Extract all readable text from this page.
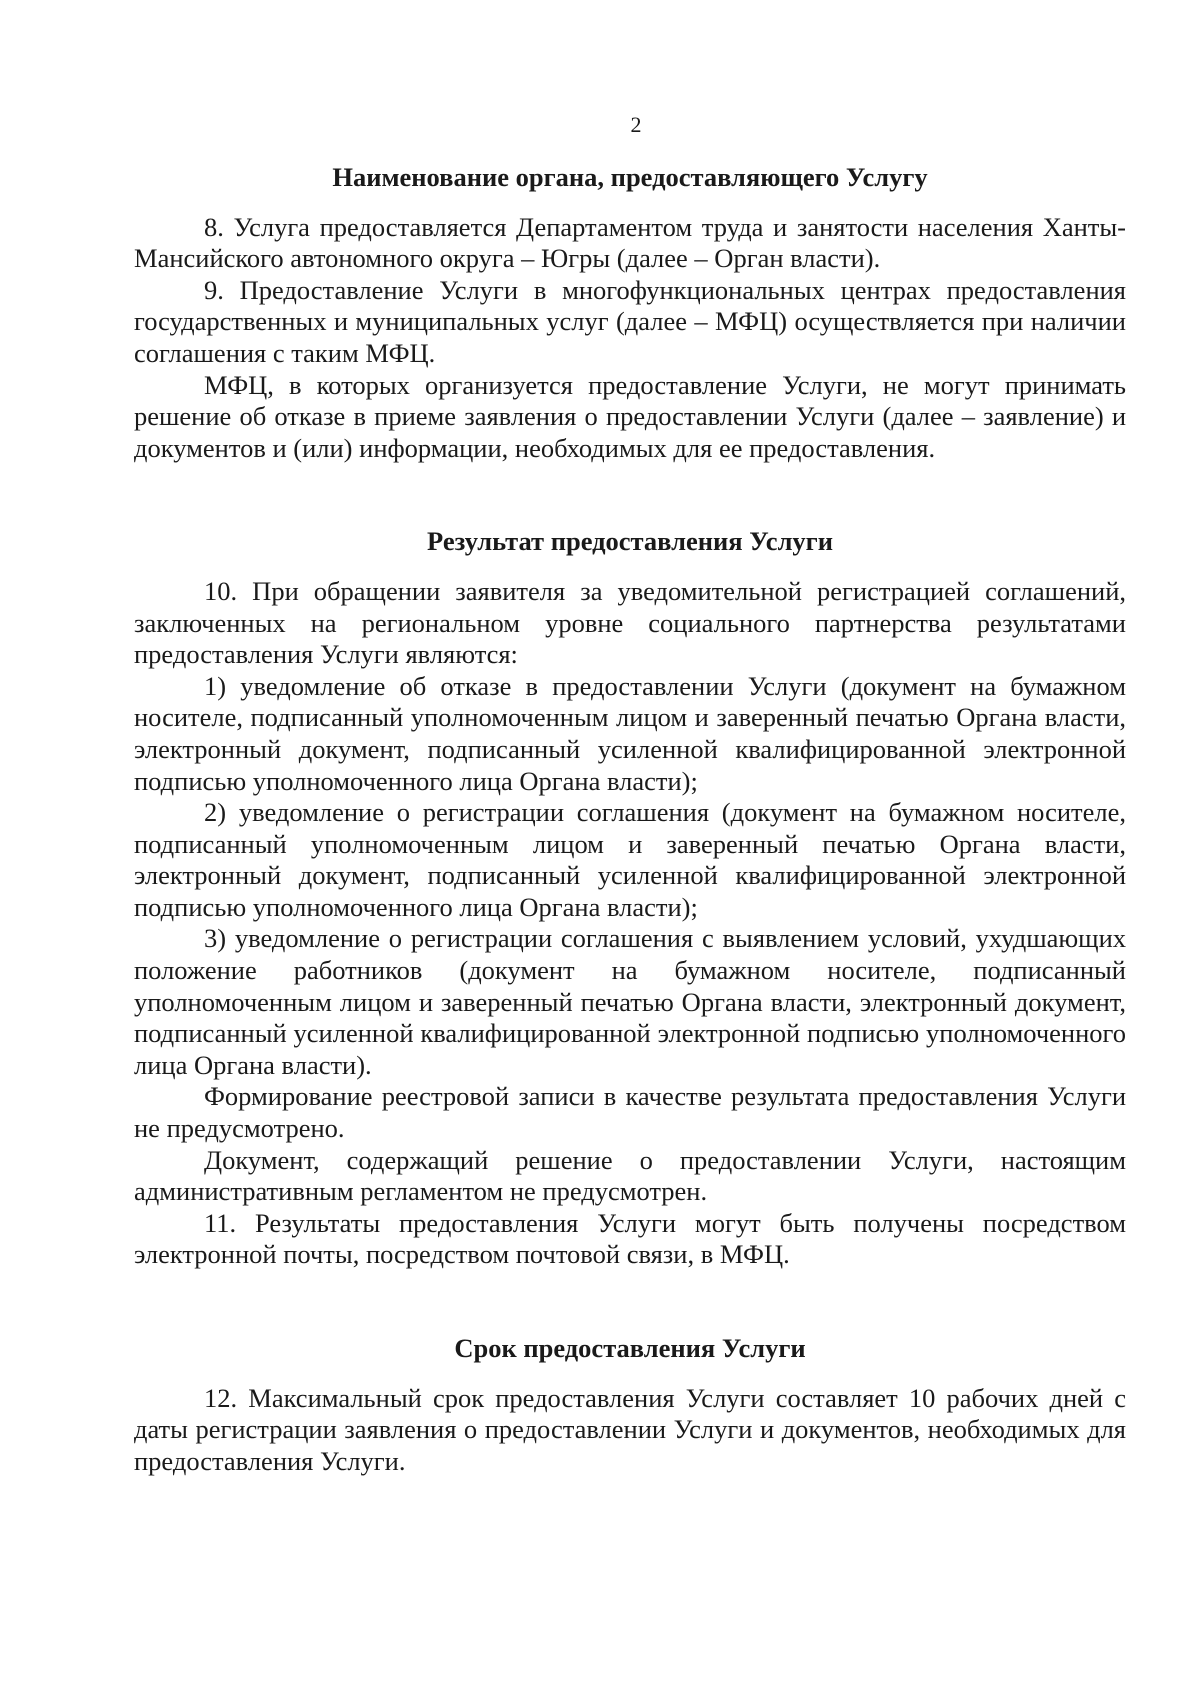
2
Наименование органа, предоставляющего Услугу

8. Услуга предоставляется Департаментом труда и занятости населения Ханты-Мансийского автономного округа – Югры (далее – Орган власти).

9. Предоставление Услуги в многофункциональных центрах предоставления государственных и муниципальных услуг (далее – МФЦ) осуществляется при наличии соглашения с таким МФЦ.

МФЦ, в которых организуется предоставление Услуги, не могут принимать решение об отказе в приеме заявления о предоставлении Услуги (далее – заявление) и документов и (или) информации, необходимых для ее предоставления.

Результат предоставления Услуги

10. При обращении заявителя за уведомительной регистрацией соглашений, заключенных на региональном уровне социального партнерства результатами предоставления Услуги являются:

1) уведомление об отказе в предоставлении Услуги (документ на бумажном носителе, подписанный уполномоченным лицом и заверенный печатью Органа власти, электронный документ, подписанный усиленной квалифицированной электронной подписью уполномоченного лица Органа власти);

2) уведомление о регистрации соглашения (документ на бумажном носителе, подписанный уполномоченным лицом и заверенный печатью Органа власти, электронный документ, подписанный усиленной квалифицированной электронной подписью уполномоченного лица Органа власти);

3) уведомление о регистрации соглашения с выявлением условий, ухудшающих положение работников (документ на бумажном носителе, подписанный уполномоченным лицом и заверенный печатью Органа власти, электронный документ, подписанный усиленной квалифицированной электронной подписью уполномоченного лица Органа власти).

Формирование реестровой записи в качестве результата предоставления Услуги не предусмотрено.

Документ, содержащий решение о предоставлении Услуги, настоящим административным регламентом не предусмотрен.

11. Результаты предоставления Услуги могут быть получены посредством электронной почты, посредством почтовой связи, в МФЦ.

Срок предоставления Услуги

12. Максимальный срок предоставления Услуги составляет 10 рабочих дней с даты регистрации заявления о предоставлении Услуги и документов, необходимых для предоставления Услуги.
